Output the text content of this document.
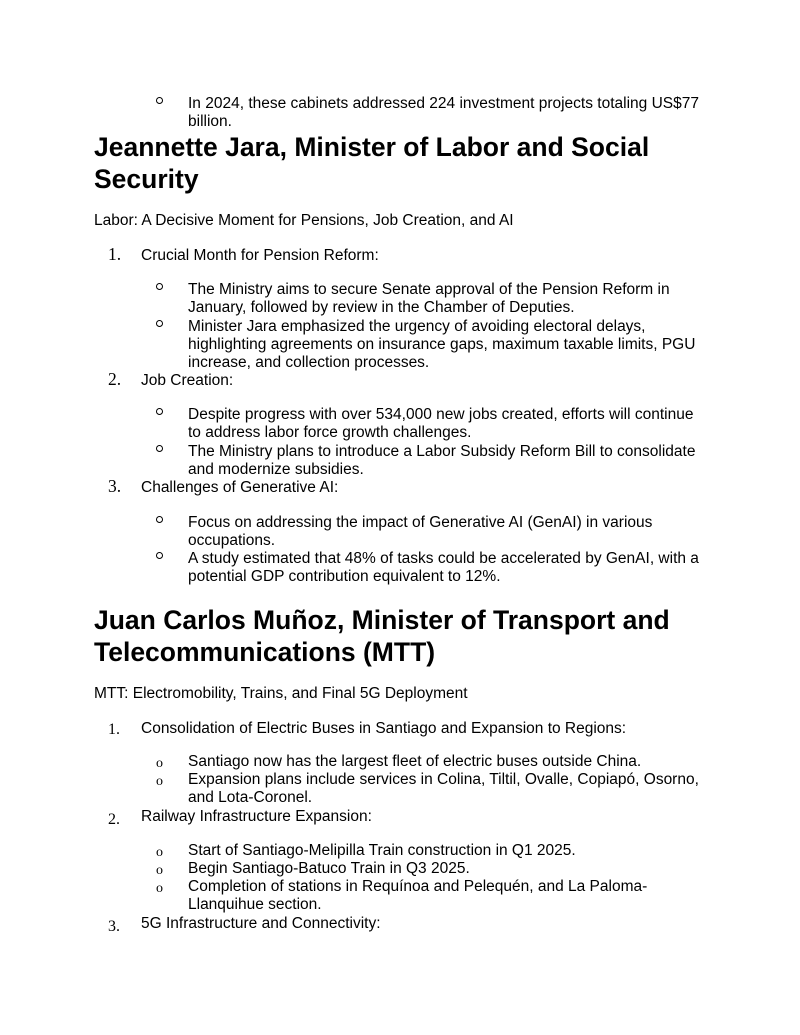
In 2024, these cabinets addressed 224 investment projects totaling US$77
billion.
Jeannette Jara, Minister of Labor and Social
Security
Labor: A Decisive Moment for Pensions, Job Creation, and AI
1. Crucial Month for Pension Reform:
The Ministry aims to secure Senate approval of the Pension Reform in
January, followed by review in the Chamber of Deputies.
Minister Jara emphasized the urgency of avoiding electoral delays,
highlighting agreements on insurance gaps, maximum taxable limits, PGU
increase, and collection processes.
2. Job Creation:
Despite progress with over 534,000 new jobs created, efforts will continue
to address labor force growth challenges.
The Ministry plans to introduce a Labor Subsidy Reform Bill to consolidate
and modernize subsidies.
3. Challenges of Generative AI:
Focus on addressing the impact of Generative AI (GenAI) in various
occupations.
A study estimated that 48% of tasks could be accelerated by GenAI, with a
potential GDP contribution equivalent to 12%.
Juan Carlos Muñoz, Minister of Transport and
Telecommunications (MTT)
MTT: Electromobility, Trains, and Final 5G Deployment
1. Consolidation of Electric Buses in Santiago and Expansion to Regions:
o Santiago now has the largest fleet of electric buses outside China.
o Expansion plans include services in Colina, Tiltil, Ovalle, Copiapó, Osorno,
and Lota-Coronel.
2. Railway Infrastructure Expansion:
o Start of Santiago-Melipilla Train construction in Q1 2025.
o Begin Santiago-Batuco Train in Q3 2025.
o Completion of stations in Requínoa and Pelequén, and La Paloma-
Llanquihue section.
3. 5G Infrastructure and Connectivity:
